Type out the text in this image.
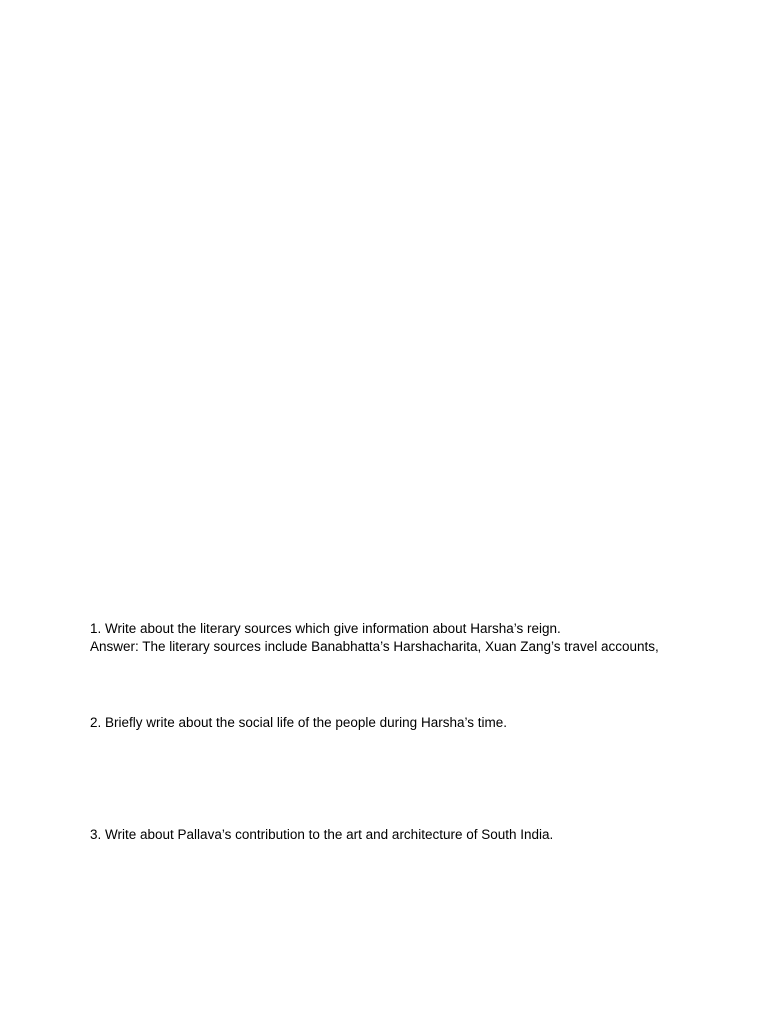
1. Write about the literary sources which give information about Harsha’s reign.
Answer: The literary sources include Banabhatta’s Harshacharita, Xuan Zang’s travel accounts,
2. Briefly write about the social life of the people during Harsha’s time.
3. Write about Pallava’s contribution to the art and architecture of South India.
